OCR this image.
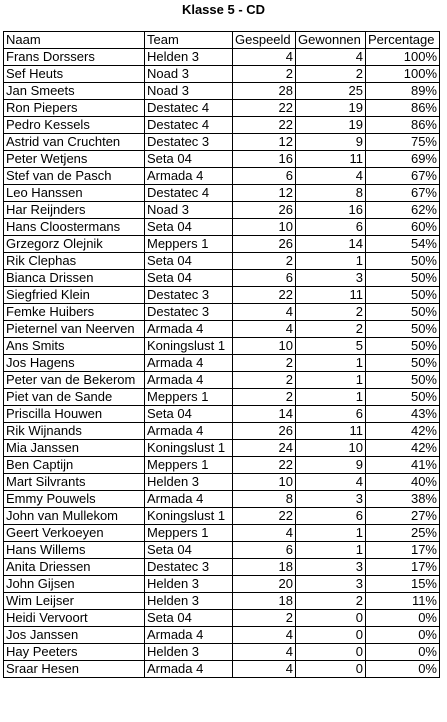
Klasse 5 - CD
Naam	Team	Gespeeld	Gewonnen	Percentage
Frans Dorssers	Helden 3	4	4	100%
Sef Heuts	Noad 3	2	2	100%
Jan Smeets	Noad 3	28	25	89%
Ron Piepers	Destatec 4	22	19	86%
Pedro Kessels	Destatec 4	22	19	86%
Astrid van Cruchten	Destatec 3	12	9	75%
Peter Wetjens	Seta 04	16	11	69%
Stef van de Pasch	Armada 4	6	4	67%
Leo Hanssen	Destatec 4	12	8	67%
Har Reijnders	Noad 3	26	16	62%
Hans Cloostermans	Seta 04	10	6	60%
Grzegorz Olejnik	Meppers 1	26	14	54%
Rik Clephas	Seta 04	2	1	50%
Bianca Drissen	Seta 04	6	3	50%
Siegfried Klein	Destatec 3	22	11	50%
Femke Huibers	Destatec 3	4	2	50%
Pieternel van Neerven	Armada 4	4	2	50%
Ans Smits	Koningslust 1	10	5	50%
Jos Hagens	Armada 4	2	1	50%
Peter van de Bekerom	Armada 4	2	1	50%
Piet van de Sande	Meppers 1	2	1	50%
Priscilla Houwen	Seta 04	14	6	43%
Rik Wijnands	Armada 4	26	11	42%
Mia Janssen	Koningslust 1	24	10	42%
Ben Captijn	Meppers 1	22	9	41%
Mart Silvrants	Helden 3	10	4	40%
Emmy Pouwels	Armada 4	8	3	38%
John van Mullekom	Koningslust 1	22	6	27%
Geert Verkoeyen	Meppers 1	4	1	25%
Hans Willems	Seta 04	6	1	17%
Anita Driessen	Destatec 3	18	3	17%
John Gijsen	Helden 3	20	3	15%
Wim Leijser	Helden 3	18	2	11%
Heidi Vervoort	Seta 04	2	0	0%
Jos Janssen	Armada 4	4	0	0%
Hay Peeters	Helden 3	4	0	0%
Sraar Hesen	Armada 4	4	0	0%
